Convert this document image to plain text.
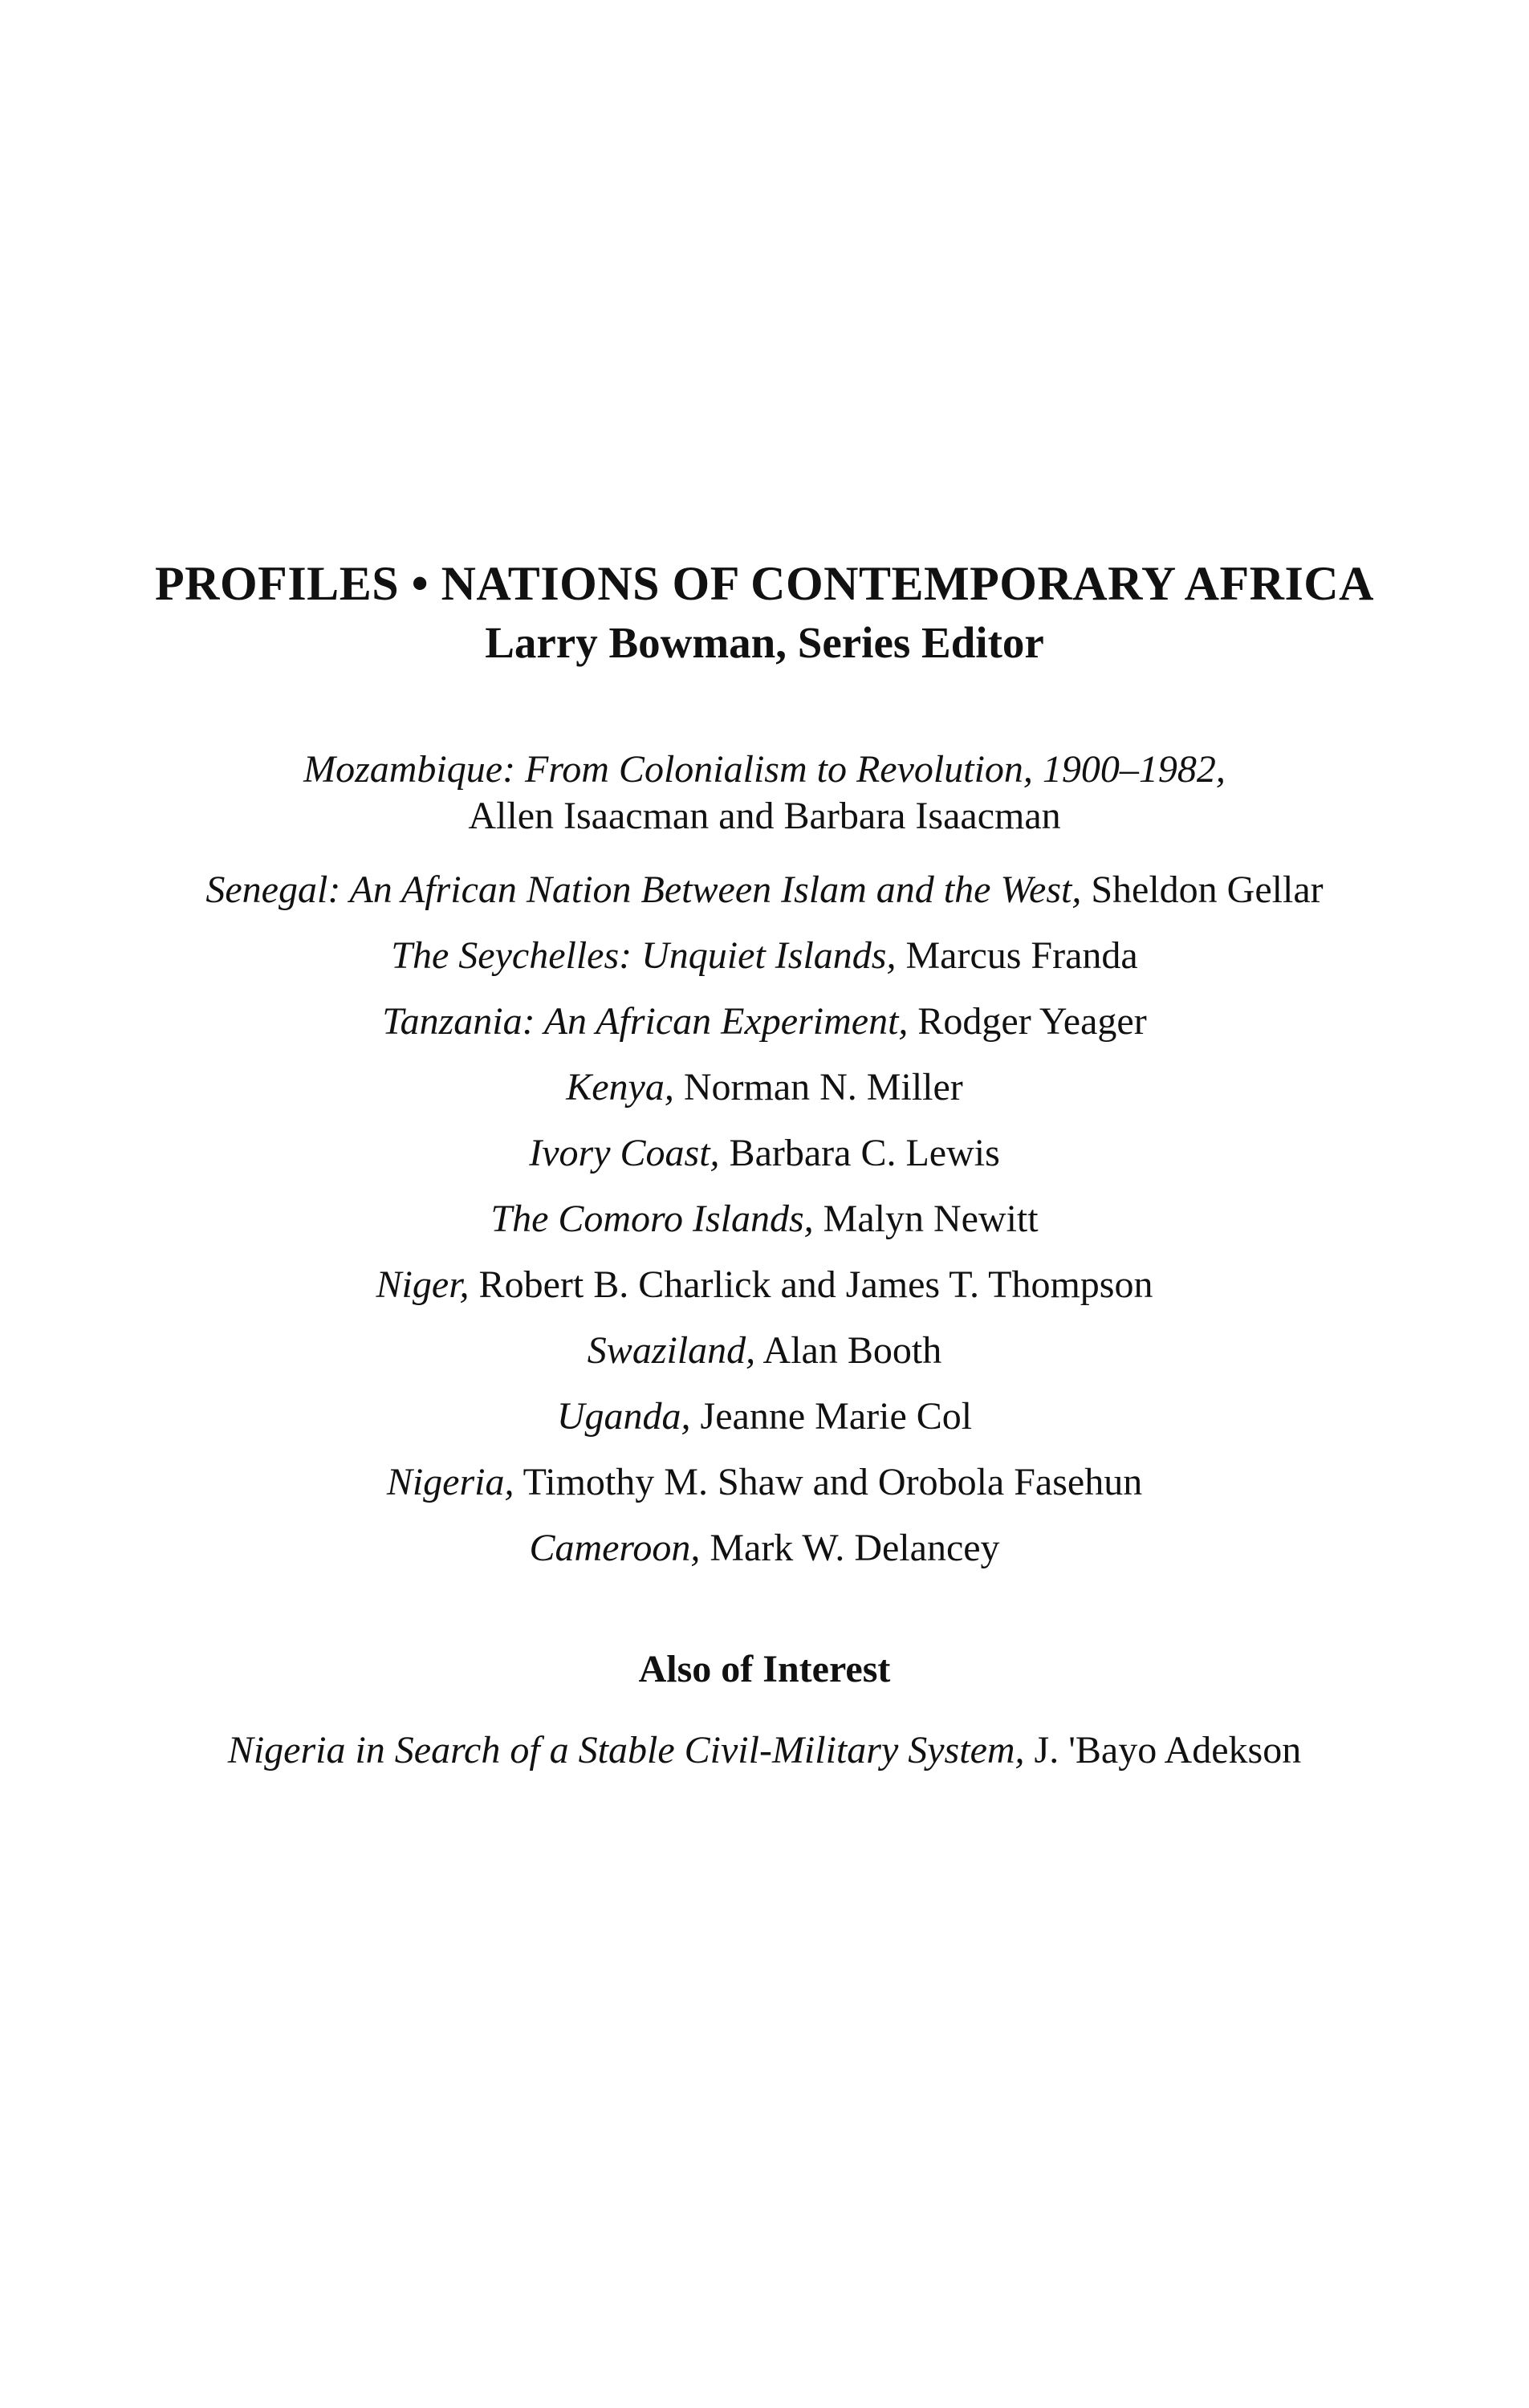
PROFILES • NATIONS OF CONTEMPORARY AFRICA

Larry Bowman, Series Editor

Mozambique: From Colonialism to Revolution, 1900–1982,
Allen Isaacman and Barbara Isaacman
Senegal: An African Nation Between Islam and the West, Sheldon Gellar
The Seychelles: Unquiet Islands, Marcus Franda
Tanzania: An African Experiment, Rodger Yeager
Kenya, Norman N. Miller
Ivory Coast, Barbara C. Lewis
The Comoro Islands, Malyn Newitt
Niger, Robert B. Charlick and James T. Thompson
Swaziland, Alan Booth
Uganda, Jeanne Marie Col
Nigeria, Timothy M. Shaw and Orobola Fasehun
Cameroon, Mark W. Delancey

Also of Interest

Nigeria in Search of a Stable Civil-Military System, J. 'Bayo Adekson
